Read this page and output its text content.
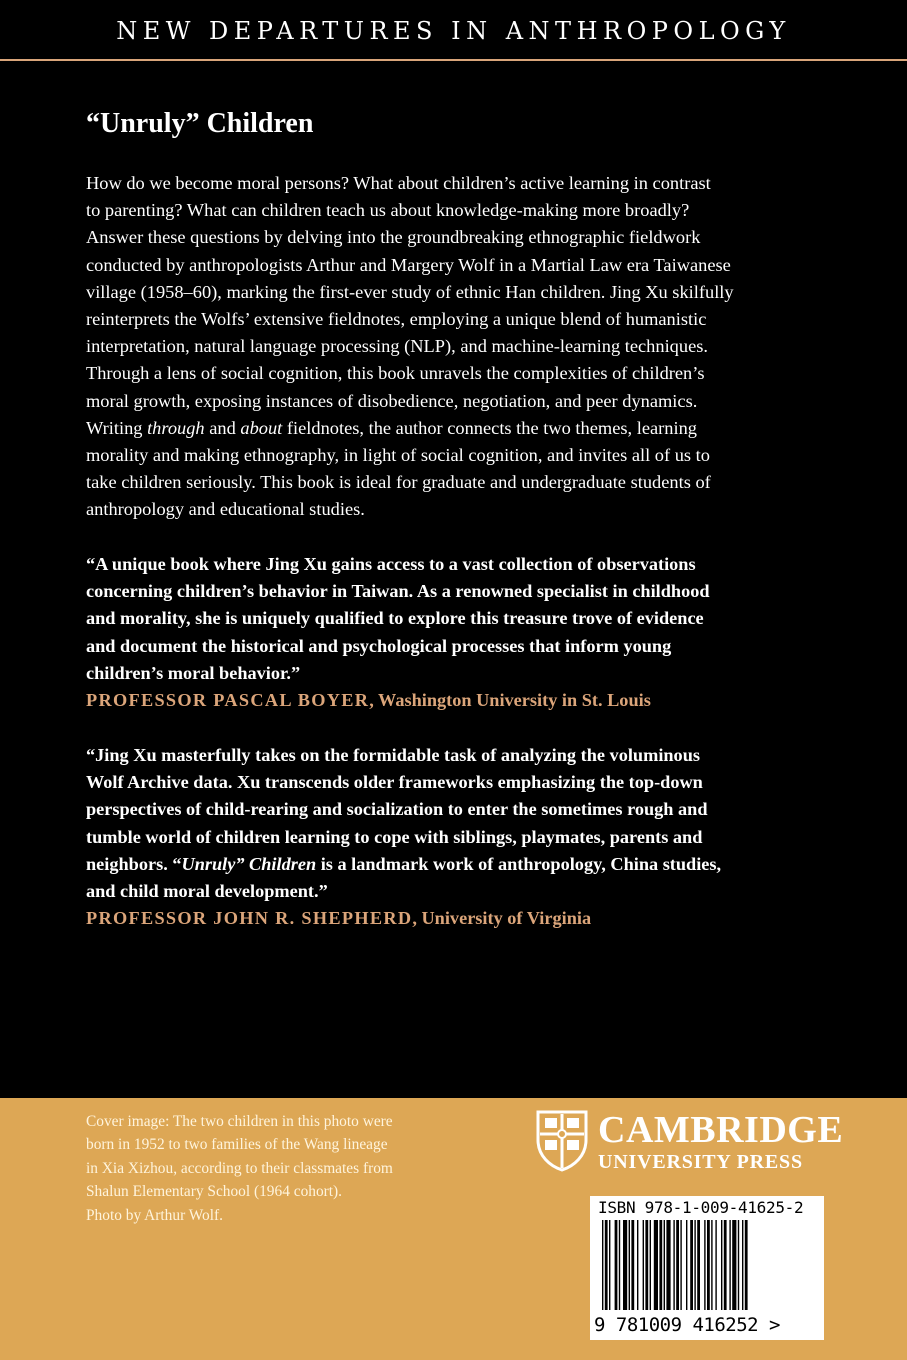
NEW DEPARTURES IN ANTHROPOLOGY
“Unruly” Children

How do we become moral persons? What about children’s active learning in contrast

to parenting? What can children teach us about knowledge-making more broadly?

Answer these questions by delving into the groundbreaking ethnographic fieldwork

conducted by anthropologists Arthur and Margery Wolf in a Martial Law era Taiwanese

village (1958–60), marking the first-ever study of ethnic Han children. Jing Xu skilfully

reinterprets the Wolfs’ extensive fieldnotes, employing a unique blend of humanistic

interpretation, natural language processing (NLP), and machine-learning techniques.

Through a lens of social cognition, this book unravels the complexities of children’s

moral growth, exposing instances of disobedience, negotiation, and peer dynamics.

Writing through and about fieldnotes, the author connects the two themes, learning

morality and making ethnography, in light of social cognition, and invites all of us to

take children seriously. This book is ideal for graduate and undergraduate students of

anthropology and educational studies.

“A unique book where Jing Xu gains access to a vast collection of observations

concerning children’s behavior in Taiwan. As a renowned specialist in childhood

and morality, she is uniquely qualified to explore this treasure trove of evidence

and document the historical and psychological processes that inform young

children’s moral behavior.”

PROFESSOR PASCAL BOYER, Washington University in St. Louis

“Jing Xu masterfully takes on the formidable task of analyzing the voluminous

Wolf Archive data. Xu transcends older frameworks emphasizing the top-down

perspectives of child-rearing and socialization to enter the sometimes rough and

tumble world of children learning to cope with siblings, playmates, parents and

neighbors. “Unruly” Children is a landmark work of anthropology, China studies,

and child moral development.”

PROFESSOR JOHN R. SHEPHERD, University of Virginia

Cover image: The two children in this photo were

born in 1952 to two families of the Wang lineage

in Xia Xizhou, according to their classmates from

Shalun Elementary School (1964 cohort).

Photo by Arthur Wolf.

CAMBRIDGE
UNIVERSITY PRESS
ISBN 978-1-009-41625-2
9 781009 416252 >
